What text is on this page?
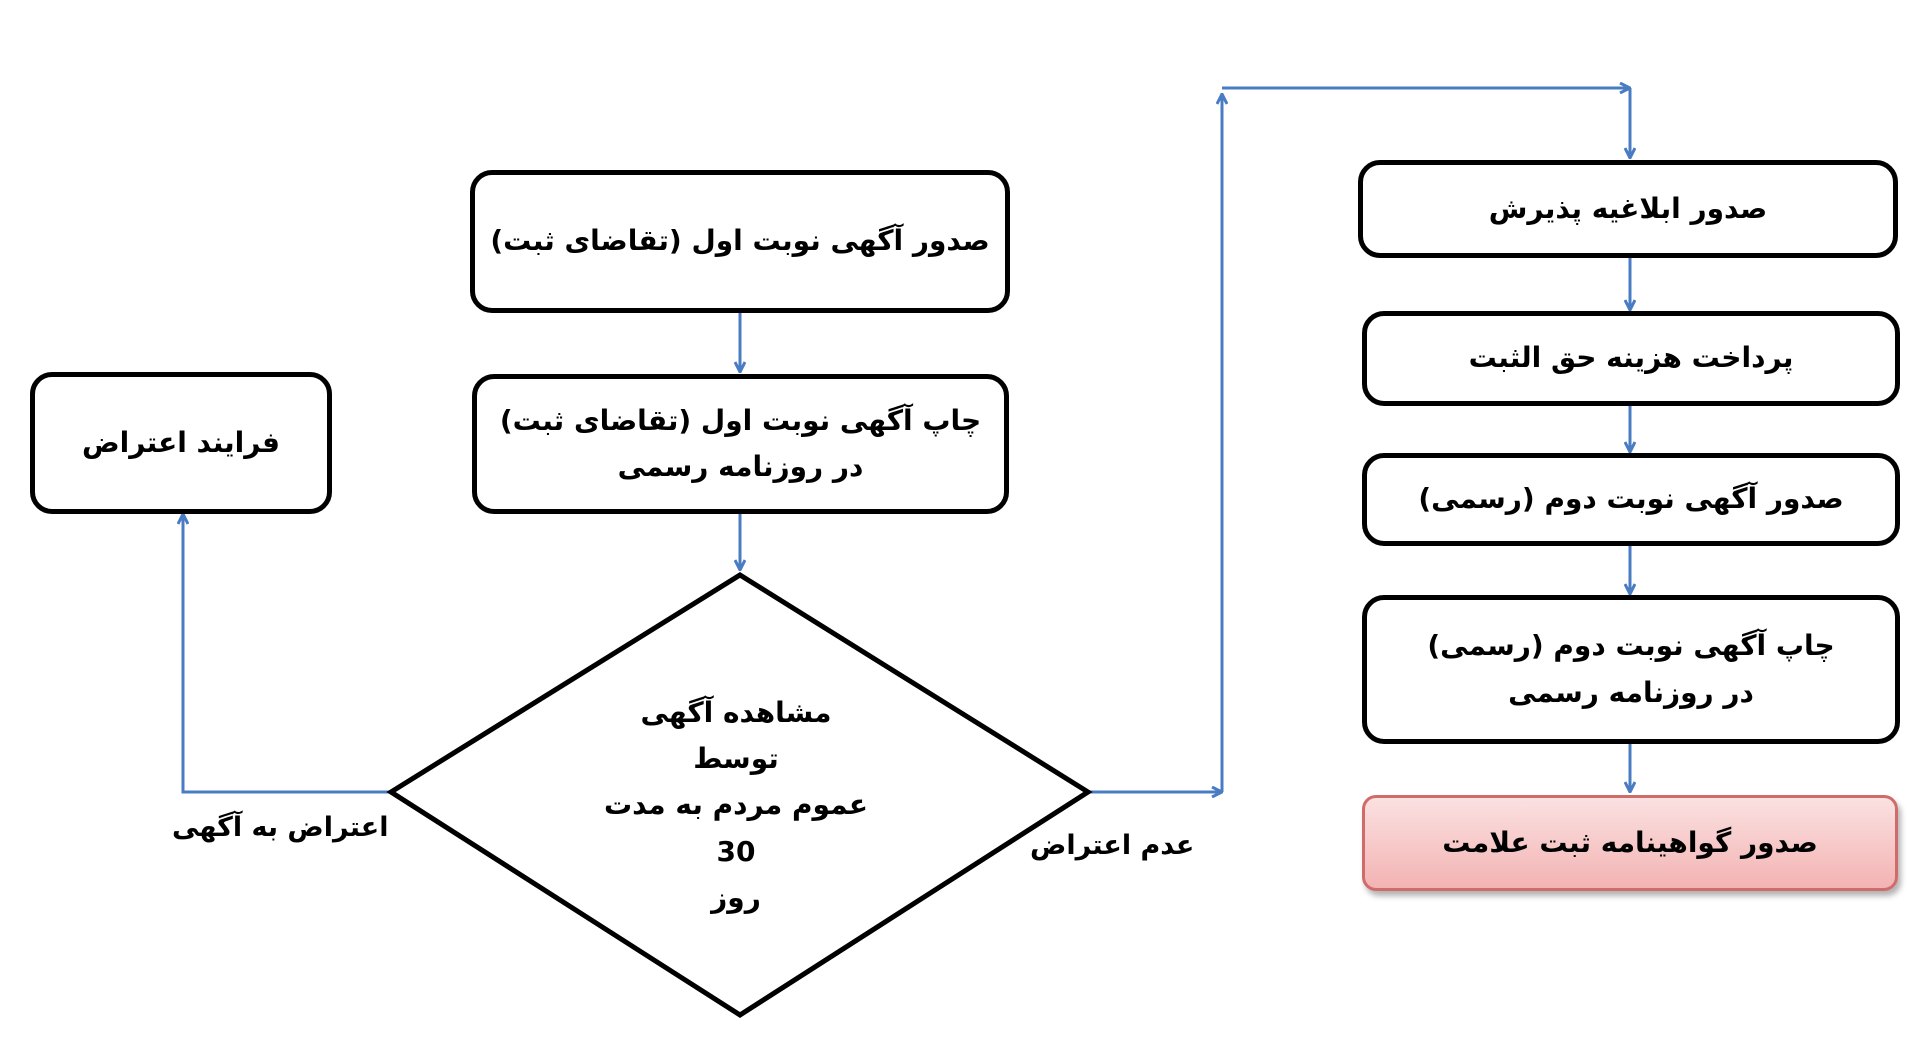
صدور آگهی نوبت اول (تقاضای ثبت)
چاپ آگهی نوبت اول (تقاضای ثبت)
در روزنامه رسمی
فرایند اعتراض
مشاهده آگهی توسط
عموم مردم به مدت 30
روز
اعتراض به آگهی
عدم اعتراض
صدور ابلاغیه پذیرش
پرداخت هزینه حق الثبت
صدور آگهی نوبت دوم (رسمی)
چاپ آگهی نوبت دوم (رسمی)
در روزنامه رسمی
صدور گواهینامه ثبت علامت
